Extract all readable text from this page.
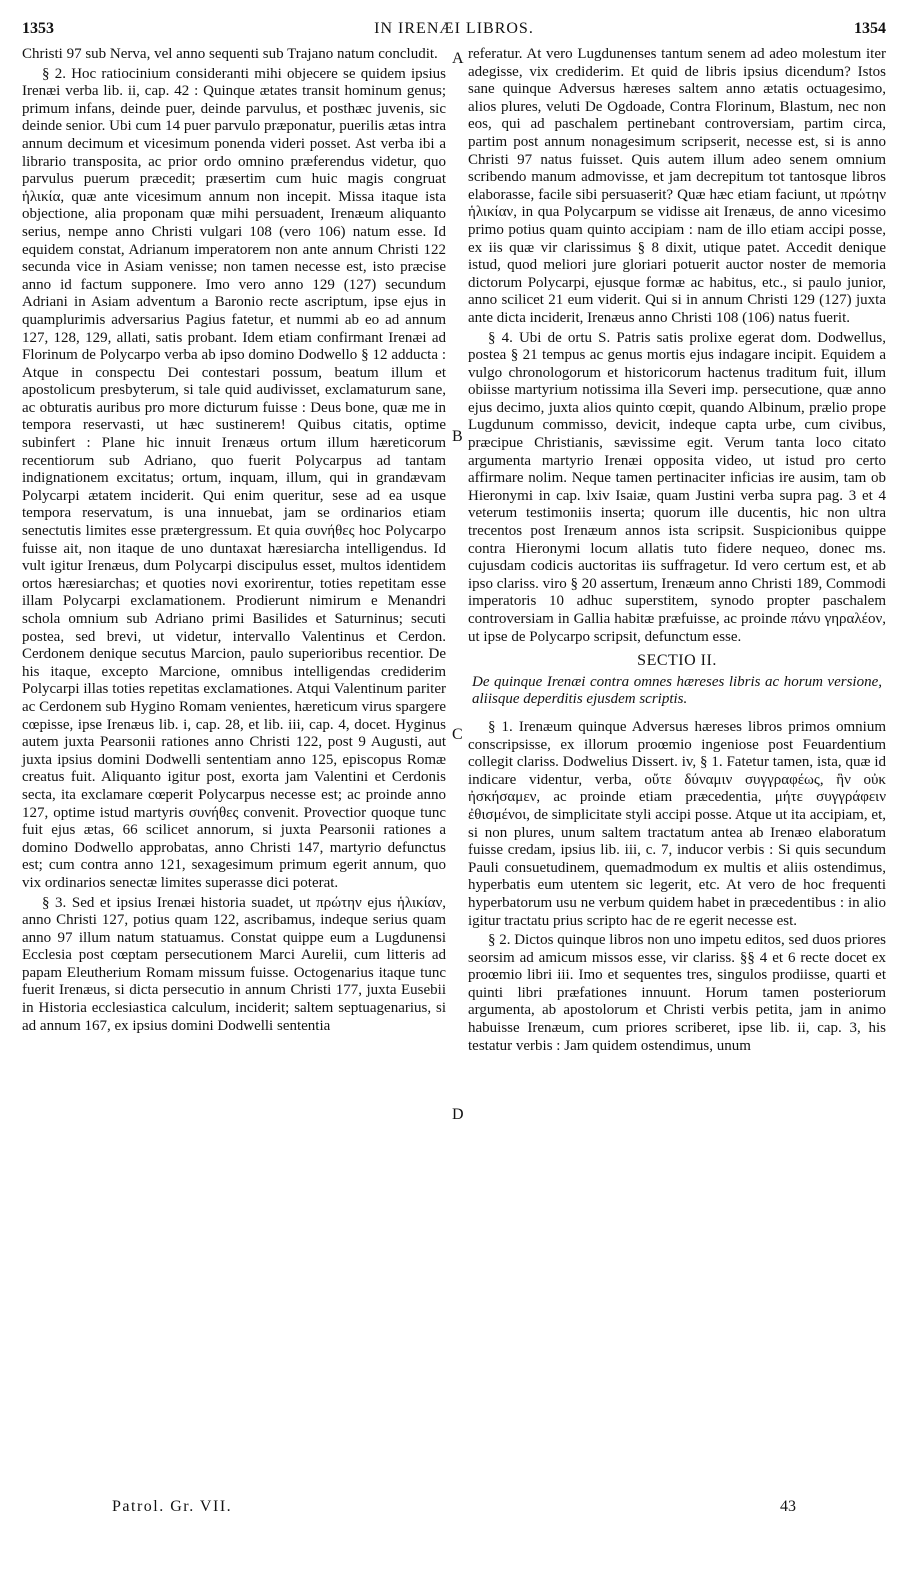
1353	IN IRENÆI LIBROS.	1354

Christi 97 sub Nerva, vel anno sequenti sub Trajano natum concludit.

§ 2. Hoc ratiocinium consideranti mihi objecere se quidem ipsius Irenæi verba lib. ii, cap. 42 : Quinque ætates transit hominum genus; primum infans, deinde puer, deinde parvulus, et posthæc juvenis, sic deinde senior. Ubi cum 14 puer parvulo præponatur, puerilis ætas intra annum decimum et vicesimum ponenda videri posset. Ast verba ibi a librario transposita, ac prior ordo omnino præferendus videtur, quo parvulus puerum præcedit; præsertim cum huic magis congruat ἡλικία, quæ ante vicesimum annum non incepit. Missa itaque ista objectione, alia proponam quæ mihi persuadent, Irenæum aliquanto serius, nempe anno Christi vulgari 108 (vero 106) natum esse. Id equidem constat, Adrianum imperatorem non ante annum Christi 122 secunda vice in Asiam venisse; non tamen necesse est, isto præcise anno id factum supponere. Imo vero anno 129 (127) secundum Adriani in Asiam adventum a Baronio recte ascriptum, ipse ejus in quamplurimis adversarius Pagius fatetur, et nummi ab eo ad annum 127, 128, 129, allati, satis probant. Idem etiam confirmant Irenæi ad Florinum de Polycarpo verba ab ipso domino Dodwello § 12 adducta : Atque in conspectu Dei contestari possum, beatum illum et apostolicum presbyterum, si tale quid audivisset, exclamaturum sane, ac obturatis auribus pro more dicturum fuisse : Deus bone, quæ me in tempora reservasti, ut hæc sustinerem! Quibus citatis, optime subinfert : Plane hic innuit Irenæus ortum illum hæreticorum recentiorum sub Adriano, quo fuerit Polycarpus ad tantam indignationem excitatus; ortum, inquam, illum, qui in grandævam Polycarpi ætatem inciderit. Qui enim queritur, sese ad ea usque tempora reservatum, is una innuebat, jam se ordinarios etiam senectutis limites esse prætergressum. Et quia συνήθες hoc Polycarpo fuisse ait, non itaque de uno duntaxat hæresiarcha intelligendus. Id vult igitur Irenæus, dum Polycarpi discipulus esset, multos identidem ortos hæresiarchas; et quoties novi exorirentur, toties repetitam esse illam Polycarpi exclamationem. Prodierunt nimirum e Menandri schola omnium sub Adriano primi Basilides et Saturninus; secuti postea, sed brevi, ut videtur, intervallo Valentinus et Cerdon. Cerdonem denique secutus Marcion, paulo superioribus recentior. De his itaque, excepto Marcione, omnibus intelligendas crediderim Polycarpi illas toties repetitas exclamationes. Atqui Valentinum pariter ac Cerdonem sub Hygino Romam venientes, hæreticum virus spargere cœpisse, ipse Irenæus lib. i, cap. 28, et lib. iii, cap. 4, docet. Hyginus autem juxta Pearsonii rationes anno Christi 122, post 9 Augusti, aut juxta ipsius domini Dodwelli sententiam anno 125, episcopus Romæ creatus fuit. Aliquanto igitur post, exorta jam Valentini et Cerdonis secta, ita exclamare cœperit Polycarpus necesse est; ac proinde anno 127, optime istud martyris συνήθες convenit. Provectior quoque tunc fuit ejus ætas, 66 scilicet annorum, si juxta Pearsonii rationes a domino Dodwello approbatas, anno Christi 147, martyrio defunctus est; cum contra anno 121, sexagesimum primum egerit annum, quo vix ordinarios senectæ limites superasse dici poterat.

§ 3. Sed et ipsius Irenæi historia suadet, ut πρώτην ejus ἡλικίαν, anno Christi 127, potius quam 122, ascribamus, indeque serius quam anno 97 illum natum statuamus. Constat quippe eum a Lugdunensi Ecclesia post cœptam persecutionem Marci Aurelii, cum litteris ad papam Eleutherium Romam missum fuisse. Octogenarius itaque tunc fuerit Irenæus, si dicta persecutio in annum Christi 177, juxta Eusebii in Historia ecclesiastica calculum, inciderit; saltem septuagenarius, si ad annum 167, ex ipsius domini Dodwelli sententia

A
B
C
D

referatur. At vero Lugdunenses tantum senem ad adeo molestum iter adegisse, vix crediderim. Et quid de libris ipsius dicendum? Istos sane quinque Adversus hæreses saltem anno ætatis octuagesimo, alios plures, veluti De Ogdoade, Contra Florinum, Blastum, nec non eos, qui ad paschalem pertinebant controversiam, partim circa, partim post annum nonagesimum scripserit, necesse est, si is anno Christi 97 natus fuisset. Quis autem illum adeo senem omnium scribendo manum admovisse, et jam decrepitum tot tantosque libros elaborasse, facile sibi persuaserit? Quæ hæc etiam faciunt, ut πρώτην ἡλικίαν, in qua Polycarpum se vidisse ait Irenæus, de anno vicesimo primo potius quam quinto accipiam : nam de illo etiam accipi posse, ex iis quæ vir clarissimus § 8 dixit, utique patet. Accedit denique istud, quod meliori jure gloriari potuerit auctor noster de memoria dictorum Polycarpi, ejusque formæ ac habitus, etc., si paulo junior, anno scilicet 21 eum viderit. Qui si in annum Christi 129 (127) juxta ante dicta inciderit, Irenæus anno Christi 108 (106) natus fuerit.

§ 4. Ubi de ortu S. Patris satis prolixe egerat dom. Dodwellus, postea § 21 tempus ac genus mortis ejus indagare incipit. Equidem a vulgo chronologorum et historicorum hactenus traditum fuit, illum obiisse martyrium notissima illa Severi imp. persecutione, quæ anno ejus decimo, juxta alios quinto cœpit, quando Albinum, prælio prope Lugdunum commisso, devicit, indeque capta urbe, cum civibus, præcipue Christianis, sævissime egit. Verum tanta loco citato argumenta martyrio Irenæi opposita video, ut istud pro certo affirmare nolim. Neque tamen pertinaciter inficias ire ausim, tam ob Hieronymi in cap. lxiv Isaiæ, quam Justini verba supra pag. 3 et 4 veterum testimoniis inserta; quorum ille ducentis, hic non ultra trecentos post Irenæum annos ista scripsit. Suspicionibus quippe contra Hieronymi locum allatis tuto fidere nequeo, donec ms. cujusdam codicis auctoritas iis suffragetur. Id vero certum est, et ab ipso clariss. viro § 20 assertum, Irenæum anno Christi 189, Commodi imperatoris 10 adhuc superstitem, synodo propter paschalem controversiam in Gallia habitæ præfuisse, ac proinde πάνυ γηραλέον, ut ipse de Polycarpo scripsit, defunctum esse.

SECTIO II.

De quinque Irenæi contra omnes hæreses libris ac horum versione, aliisque deperditis ejusdem scriptis.

§ 1. Irenæum quinque Adversus hæreses libros primos omnium conscripsisse, ex illorum proœmio ingeniose post Feuardentium collegit clariss. Dodwelius Dissert. iv, § 1. Fatetur tamen, ista, quæ id indicare videntur, verba, οὔτε δύναμιν συγγραφέως, ἣν οὐκ ἠσκήσαμεν, ac proinde etiam præcedentia, μήτε συγγράφειν ἐθισμένοι, de simplicitate styli accipi posse. Atque ut ita accipiam, et, si non plures, unum saltem tractatum antea ab Irenæo elaboratum fuisse credam, ipsius lib. iii, c. 7, inducor verbis : Si quis secundum Pauli consuetudinem, quemadmodum ex multis et aliis ostendimus, hyperbatis eum utentem sic legerit, etc. At vero de hoc frequenti hyperbatorum usu ne verbum quidem habet in præcedentibus : in alio igitur tractatu prius scripto hac de re egerit necesse est.

§ 2. Dictos quinque libros non uno impetu editos, sed duos priores seorsim ad amicum missos esse, vir clariss. §§ 4 et 6 recte docet ex proœmio libri iii. Imo et sequentes tres, singulos prodiisse, quarti et quinti libri præfationes innuunt. Horum tamen posteriorum argumenta, ab apostolorum et Christi verbis petita, jam in animo habuisse Irenæum, cum priores scriberet, ipse lib. ii, cap. 3, his testatur verbis : Jam quidem ostendimus, unum

Patrol. Gr. VII.	43
